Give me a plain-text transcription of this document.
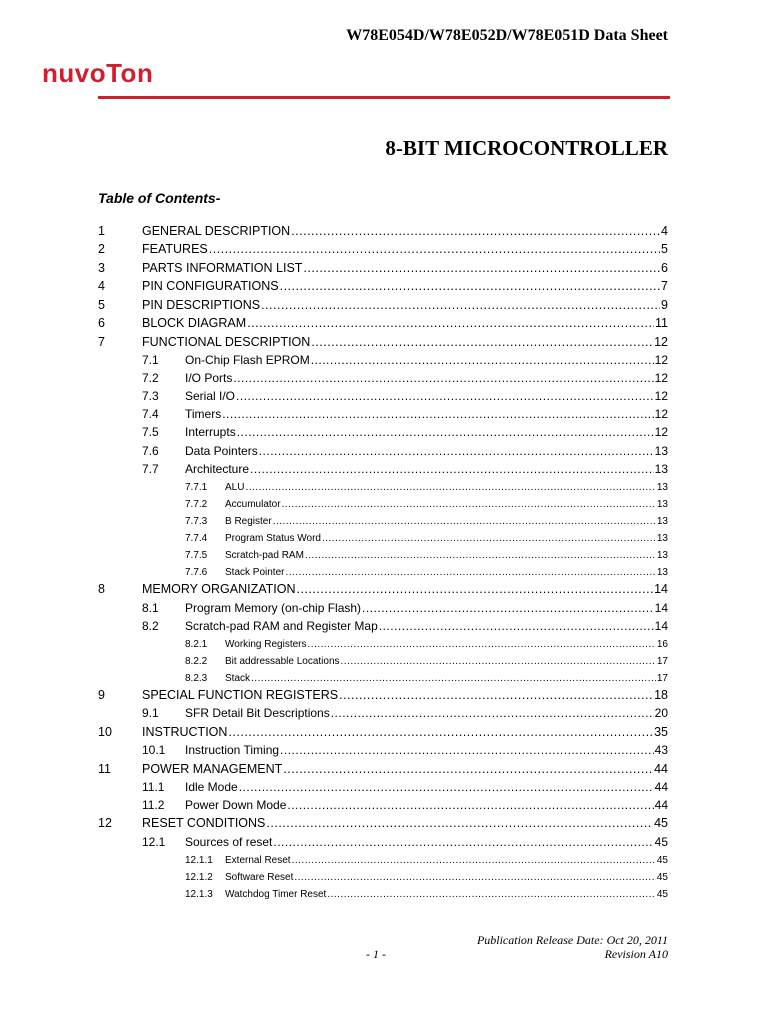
W78E054D/W78E052D/W78E051D Data Sheet
nuvoTon
8-BIT MICROCONTROLLER
Table of Contents-
1	GENERAL DESCRIPTION .....	4
2	FEATURES .....	5
3	PARTS INFORMATION LIST .....	6
4	PIN CONFIGURATIONS .....	7
5	PIN DESCRIPTIONS .....	9
6	BLOCK DIAGRAM .....	11
7	FUNCTIONAL DESCRIPTION .....	12
7.1	On-Chip Flash EPROM .....	12
7.2	I/O Ports .....	12
7.3	Serial I/O .....	12
7.4	Timers .....	12
7.5	Interrupts .....	12
7.6	Data Pointers .....	13
7.7	Architecture .....	13
7.7.1	ALU .....	13
7.7.2	Accumulator .....	13
7.7.3	B Register .....	13
7.7.4	Program Status Word .....	13
7.7.5	Scratch-pad RAM .....	13
7.7.6	Stack Pointer .....	13
8	MEMORY ORGANIZATION .....	14
8.1	Program Memory (on-chip Flash) .....	14
8.2	Scratch-pad RAM and Register Map .....	14
8.2.1	Working Registers .....	16
8.2.2	Bit addressable Locations .....	17
8.2.3	Stack .....	17
9	SPECIAL FUNCTION REGISTERS .....	18
9.1	SFR Detail Bit Descriptions .....	20
10	INSTRUCTION .....	35
10.1	Instruction Timing .....	43
11	POWER MANAGEMENT .....	44
11.1	Idle Mode .....	44
11.2	Power Down Mode .....	44
12	RESET CONDITIONS .....	45
12.1	Sources of reset .....	45
12.1.1	External Reset .....	45
12.1.2	Software Reset .....	45
12.1.3	Watchdog Timer Reset .....	45
Publication Release Date: Oct 20, 2011
- 1 -	Revision A10
